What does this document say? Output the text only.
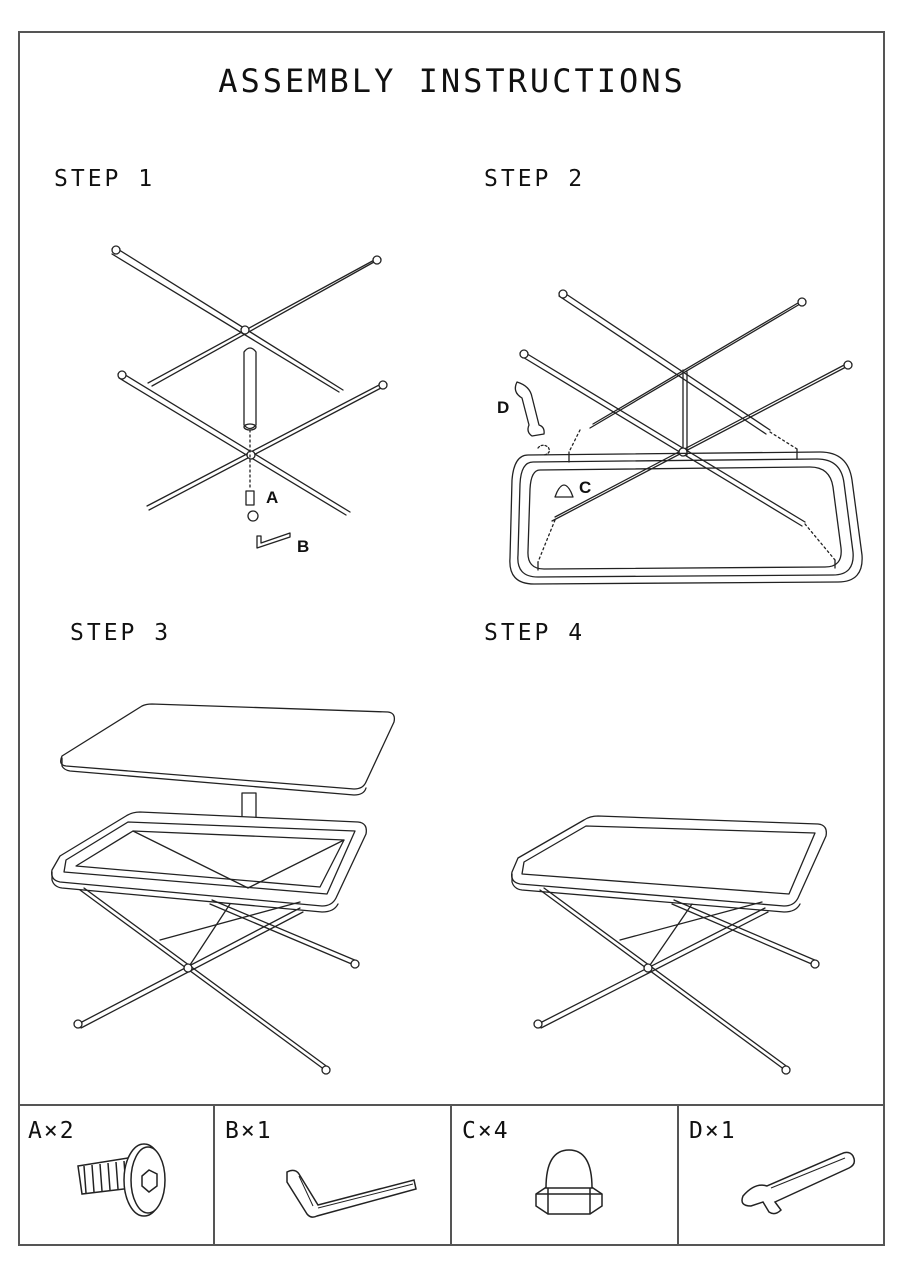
ASSEMBLY INSTRUCTIONS
STEP 1	STEP 2
STEP 3	STEP 4
A
B
C
D
A×2	B×1	C×4	D×1
